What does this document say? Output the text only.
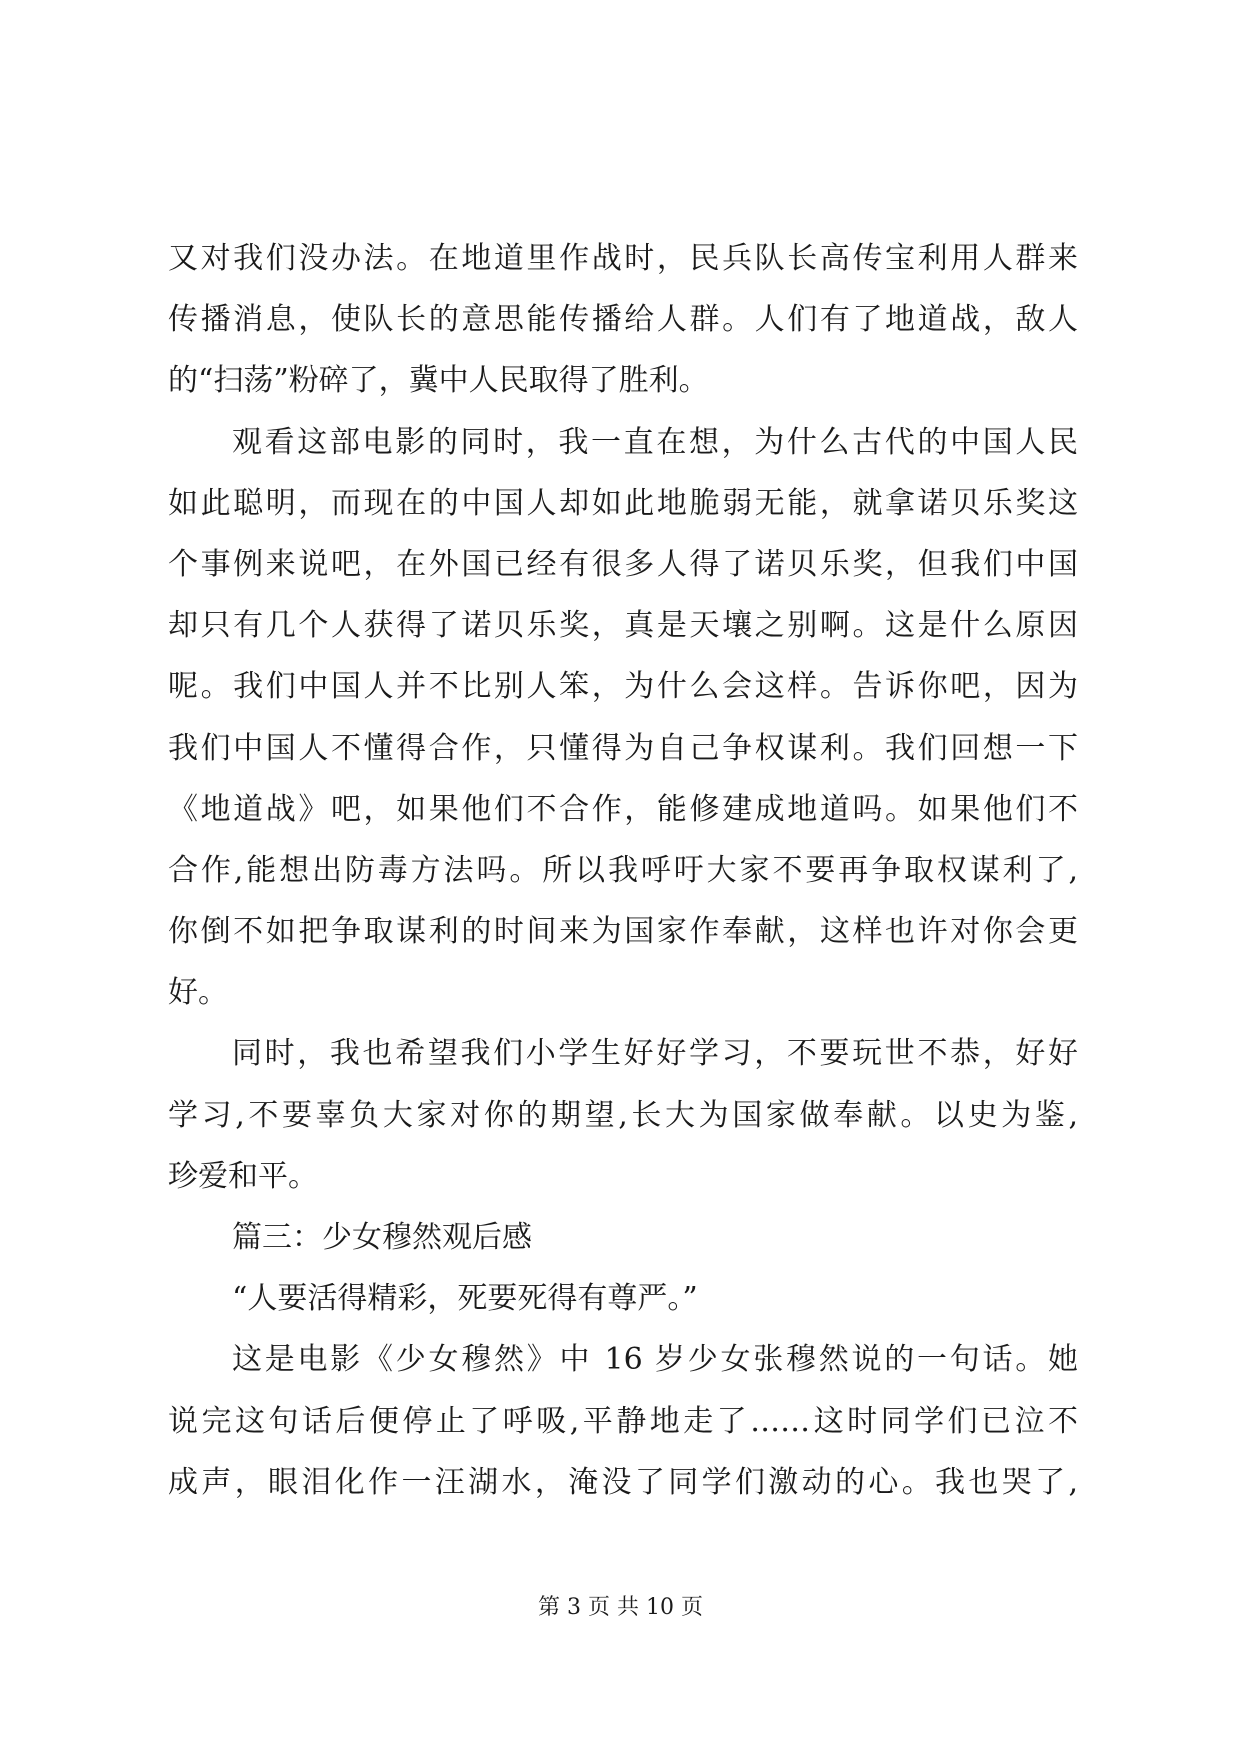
又对我们没办法。在地道里作战时，民兵队长高传宝利用人群来
传播消息，使队长的意思能传播给人群。人们有了地道战，敌人
的“扫荡”粉碎了，冀中人民取得了胜利。
观看这部电影的同时，我一直在想，为什么古代的中国人民
如此聪明，而现在的中国人却如此地脆弱无能，就拿诺贝乐奖这
个事例来说吧，在外国已经有很多人得了诺贝乐奖，但我们中国
却只有几个人获得了诺贝乐奖，真是天壤之别啊。这是什么原因
呢。我们中国人并不比别人笨，为什么会这样。告诉你吧，因为
我们中国人不懂得合作，只懂得为自己争权谋利。我们回想一下
《地道战》吧，如果他们不合作，能修建成地道吗。如果他们不
合作,能想出防毒方法吗。所以我呼吁大家不要再争取权谋利了,
你倒不如把争取谋利的时间来为国家作奉献，这样也许对你会更
好。
同时，我也希望我们小学生好好学习，不要玩世不恭，好好
学习,不要辜负大家对你的期望,长大为国家做奉献。以史为鉴,
珍爱和平。
篇三：少女穆然观后感
“人要活得精彩，死要死得有尊严。”
这是电影《少女穆然》中 16 岁少女张穆然说的一句话。她
说完这句话后便停止了呼吸,平静地走了……这时同学们已泣不
成声，眼泪化作一汪湖水，淹没了同学们激动的心。我也哭了,
第 3 页 共 10 页
